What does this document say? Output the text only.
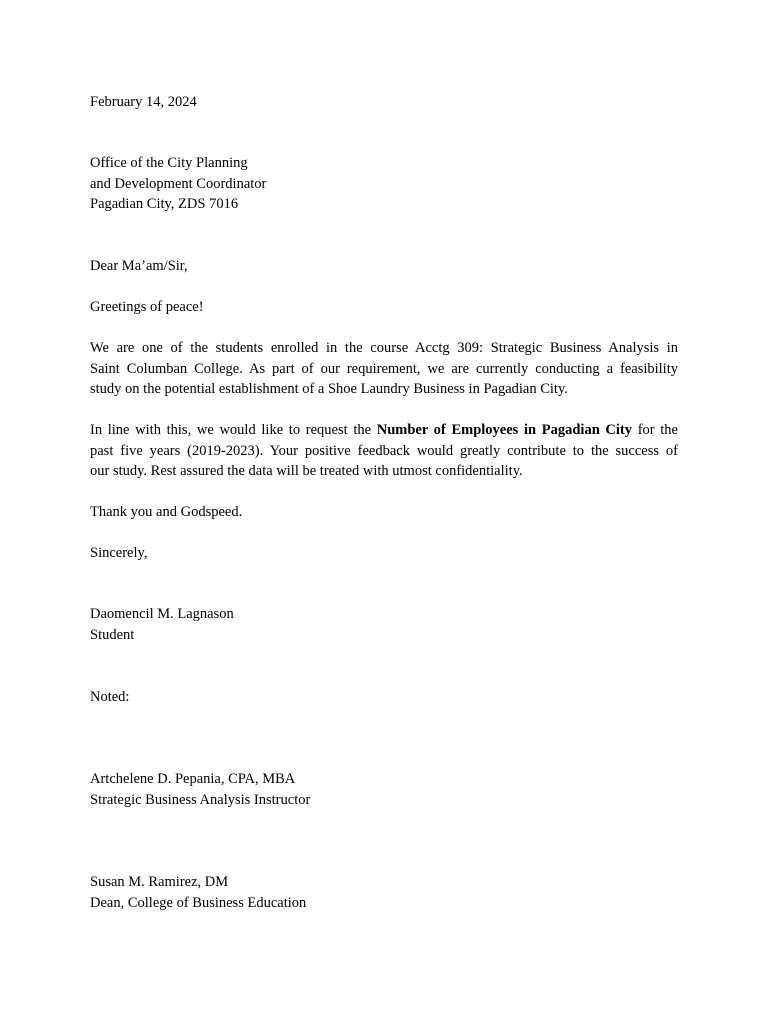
February 14, 2024

Office of the City Planning
and Development Coordinator
Pagadian City, ZDS 7016

Dear Ma’am/Sir,

Greetings of peace!

We are one of the students enrolled in the course Acctg 309: Strategic Business Analysis in
Saint Columban College. As part of our requirement, we are currently conducting a feasibility
study on the potential establishment of a Shoe Laundry Business in Pagadian City.
In line with this, we would like to request the Number of Employees in Pagadian City for the
past five years (2019-2023). Your positive feedback would greatly contribute to the success of
our study. Rest assured the data will be treated with utmost confidentiality.

Thank you and Godspeed.

Sincerely,

Daomencil M. Lagnason
Student

Noted:

Artchelene D. Pepania, CPA, MBA
Strategic Business Analysis Instructor

Susan M. Ramirez, DM
Dean, College of Business Education
